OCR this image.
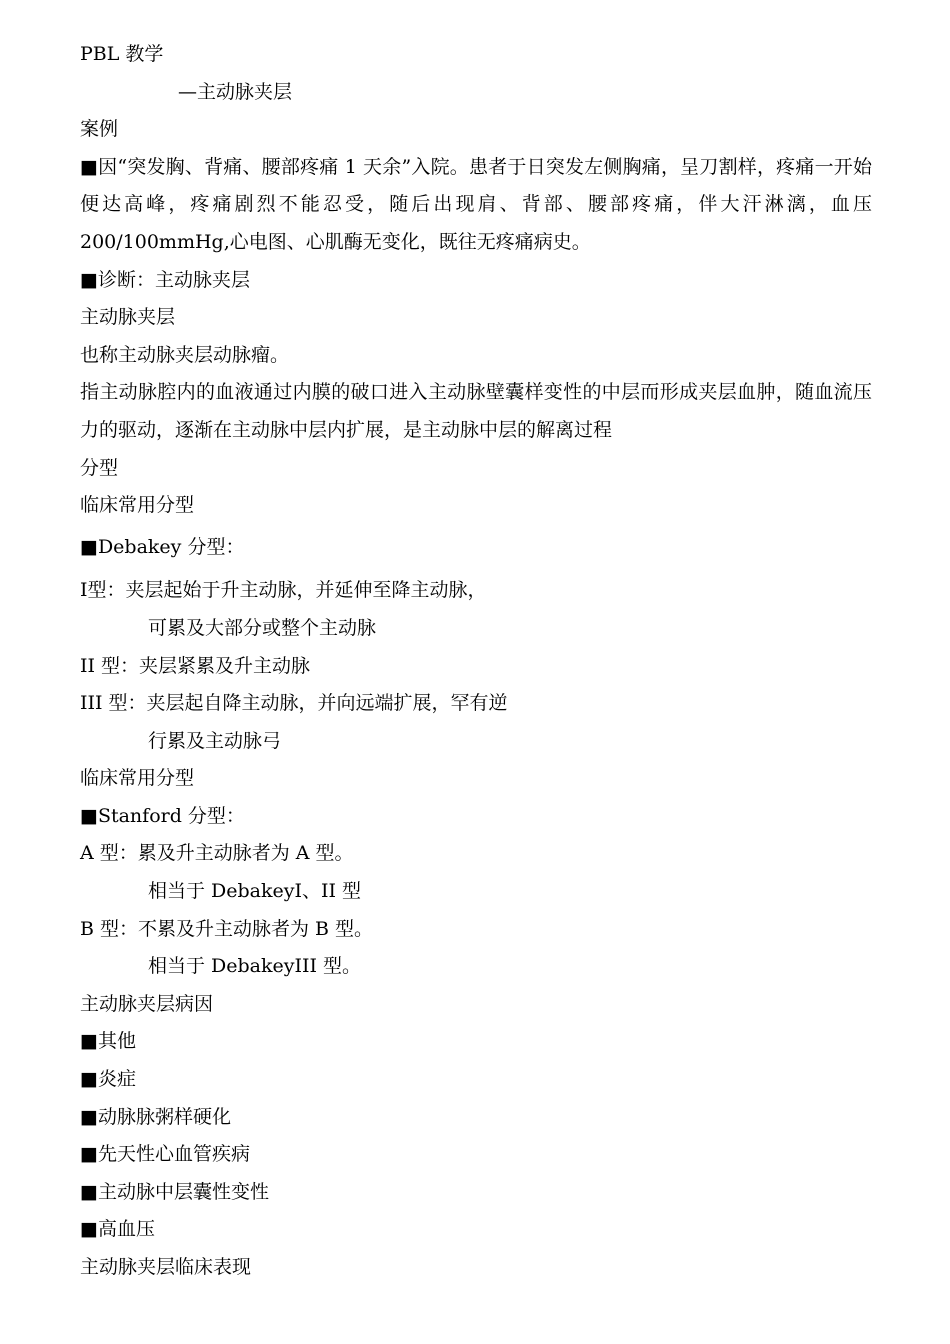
PBL 教学
—主动脉夹层
案例
■因“突发胸、背痛、腰部疼痛 1 天余”入院。患者于日突发左侧胸痛，呈刀割样，疼痛一开始便达高峰，疼痛剧烈不能忍受，随后出现肩、背部、腰部疼痛，伴大汗淋漓，血压 200/100mmHg,心电图、心肌酶无变化，既往无疼痛病史。
■诊断：主动脉夹层
主动脉夹层
也称主动脉夹层动脉瘤。
指主动脉腔内的血液通过内膜的破口进入主动脉壁囊样变性的中层而形成夹层血肿，随血流压力的驱动，逐渐在主动脉中层内扩展，是主动脉中层的解离过程
分型
临床常用分型
■Debakey 分型：
Ⅰ型：夹层起始于升主动脉，并延伸至降主动脉，
可累及大部分或整个主动脉
II 型：夹层紧累及升主动脉
III 型：夹层起自降主动脉，并向远端扩展，罕有逆
行累及主动脉弓
临床常用分型
■Stanford 分型：
A 型：累及升主动脉者为 A 型。
相当于 DebakeyⅠ、II 型
B 型：不累及升主动脉者为 B 型。
相当于 DebakeyIII 型。
主动脉夹层病因
■其他
■炎症
■动脉脉粥样硬化
■先天性心血管疾病
■主动脉中层囊性变性
■高血压
主动脉夹层临床表现
